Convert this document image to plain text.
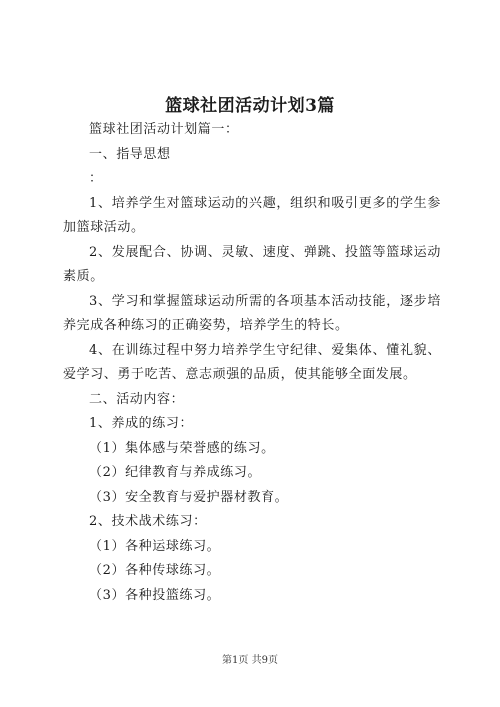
篮球社团活动计划3篇

篮球社团活动计划篇一：

一、指导思想

：

1、培养学生对篮球运动的兴趣，组织和吸引更多的学生参加篮球活动。

2、发展配合、协调、灵敏、速度、弹跳、投篮等篮球运动素质。

3、学习和掌握篮球运动所需的各项基本活动技能，逐步培养完成各种练习的正确姿势，培养学生的特长。

4、在训练过程中努力培养学生守纪律、爱集体、懂礼貌、爱学习、勇于吃苦、意志顽强的品质，使其能够全面发展。

二、活动内容：

1、养成的练习：

（1）集体感与荣誉感的练习。

（2）纪律教育与养成练习。

（3）安全教育与爱护器材教育。

2、技术战术练习：

（1）各种运球练习。

（2）各种传球练习。

（3）各种投篮练习。

第1页 共9页
